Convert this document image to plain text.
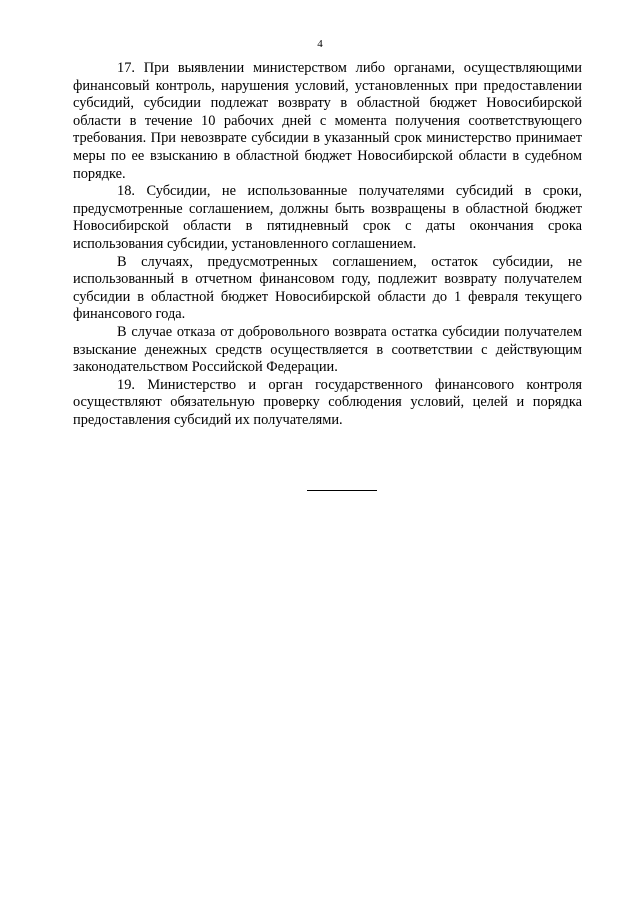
4

17. При выявлении министерством либо органами, осуществляющими финансовый контроль, нарушения условий, установленных при предоставлении субсидий, субсидии подлежат возврату в областной бюджет Новосибирской области в течение 10 рабочих дней с момента получения соответствующего требования. При невозврате субсидии в указанный срок министерство принимает меры по ее взысканию в областной бюджет Новосибирской области в судебном порядке.

18. Субсидии, не использованные получателями субсидий в сроки, предусмотренные соглашением, должны быть возвращены в областной бюджет Новосибирской области в пятидневный срок с даты окончания срока использования субсидии, установленного соглашением.

В случаях, предусмотренных соглашением, остаток субсидии, не использованный в отчетном финансовом году, подлежит возврату получателем субсидии в областной бюджет Новосибирской области до 1 февраля текущего финансового года.

В случае отказа от добровольного возврата остатка субсидии получателем взыскание денежных средств осуществляется в соответствии с действующим законодательством Российской Федерации.

19. Министерство и орган государственного финансового контроля осуществляют обязательную проверку соблюдения условий, целей и порядка предоставления субсидий их получателями.
